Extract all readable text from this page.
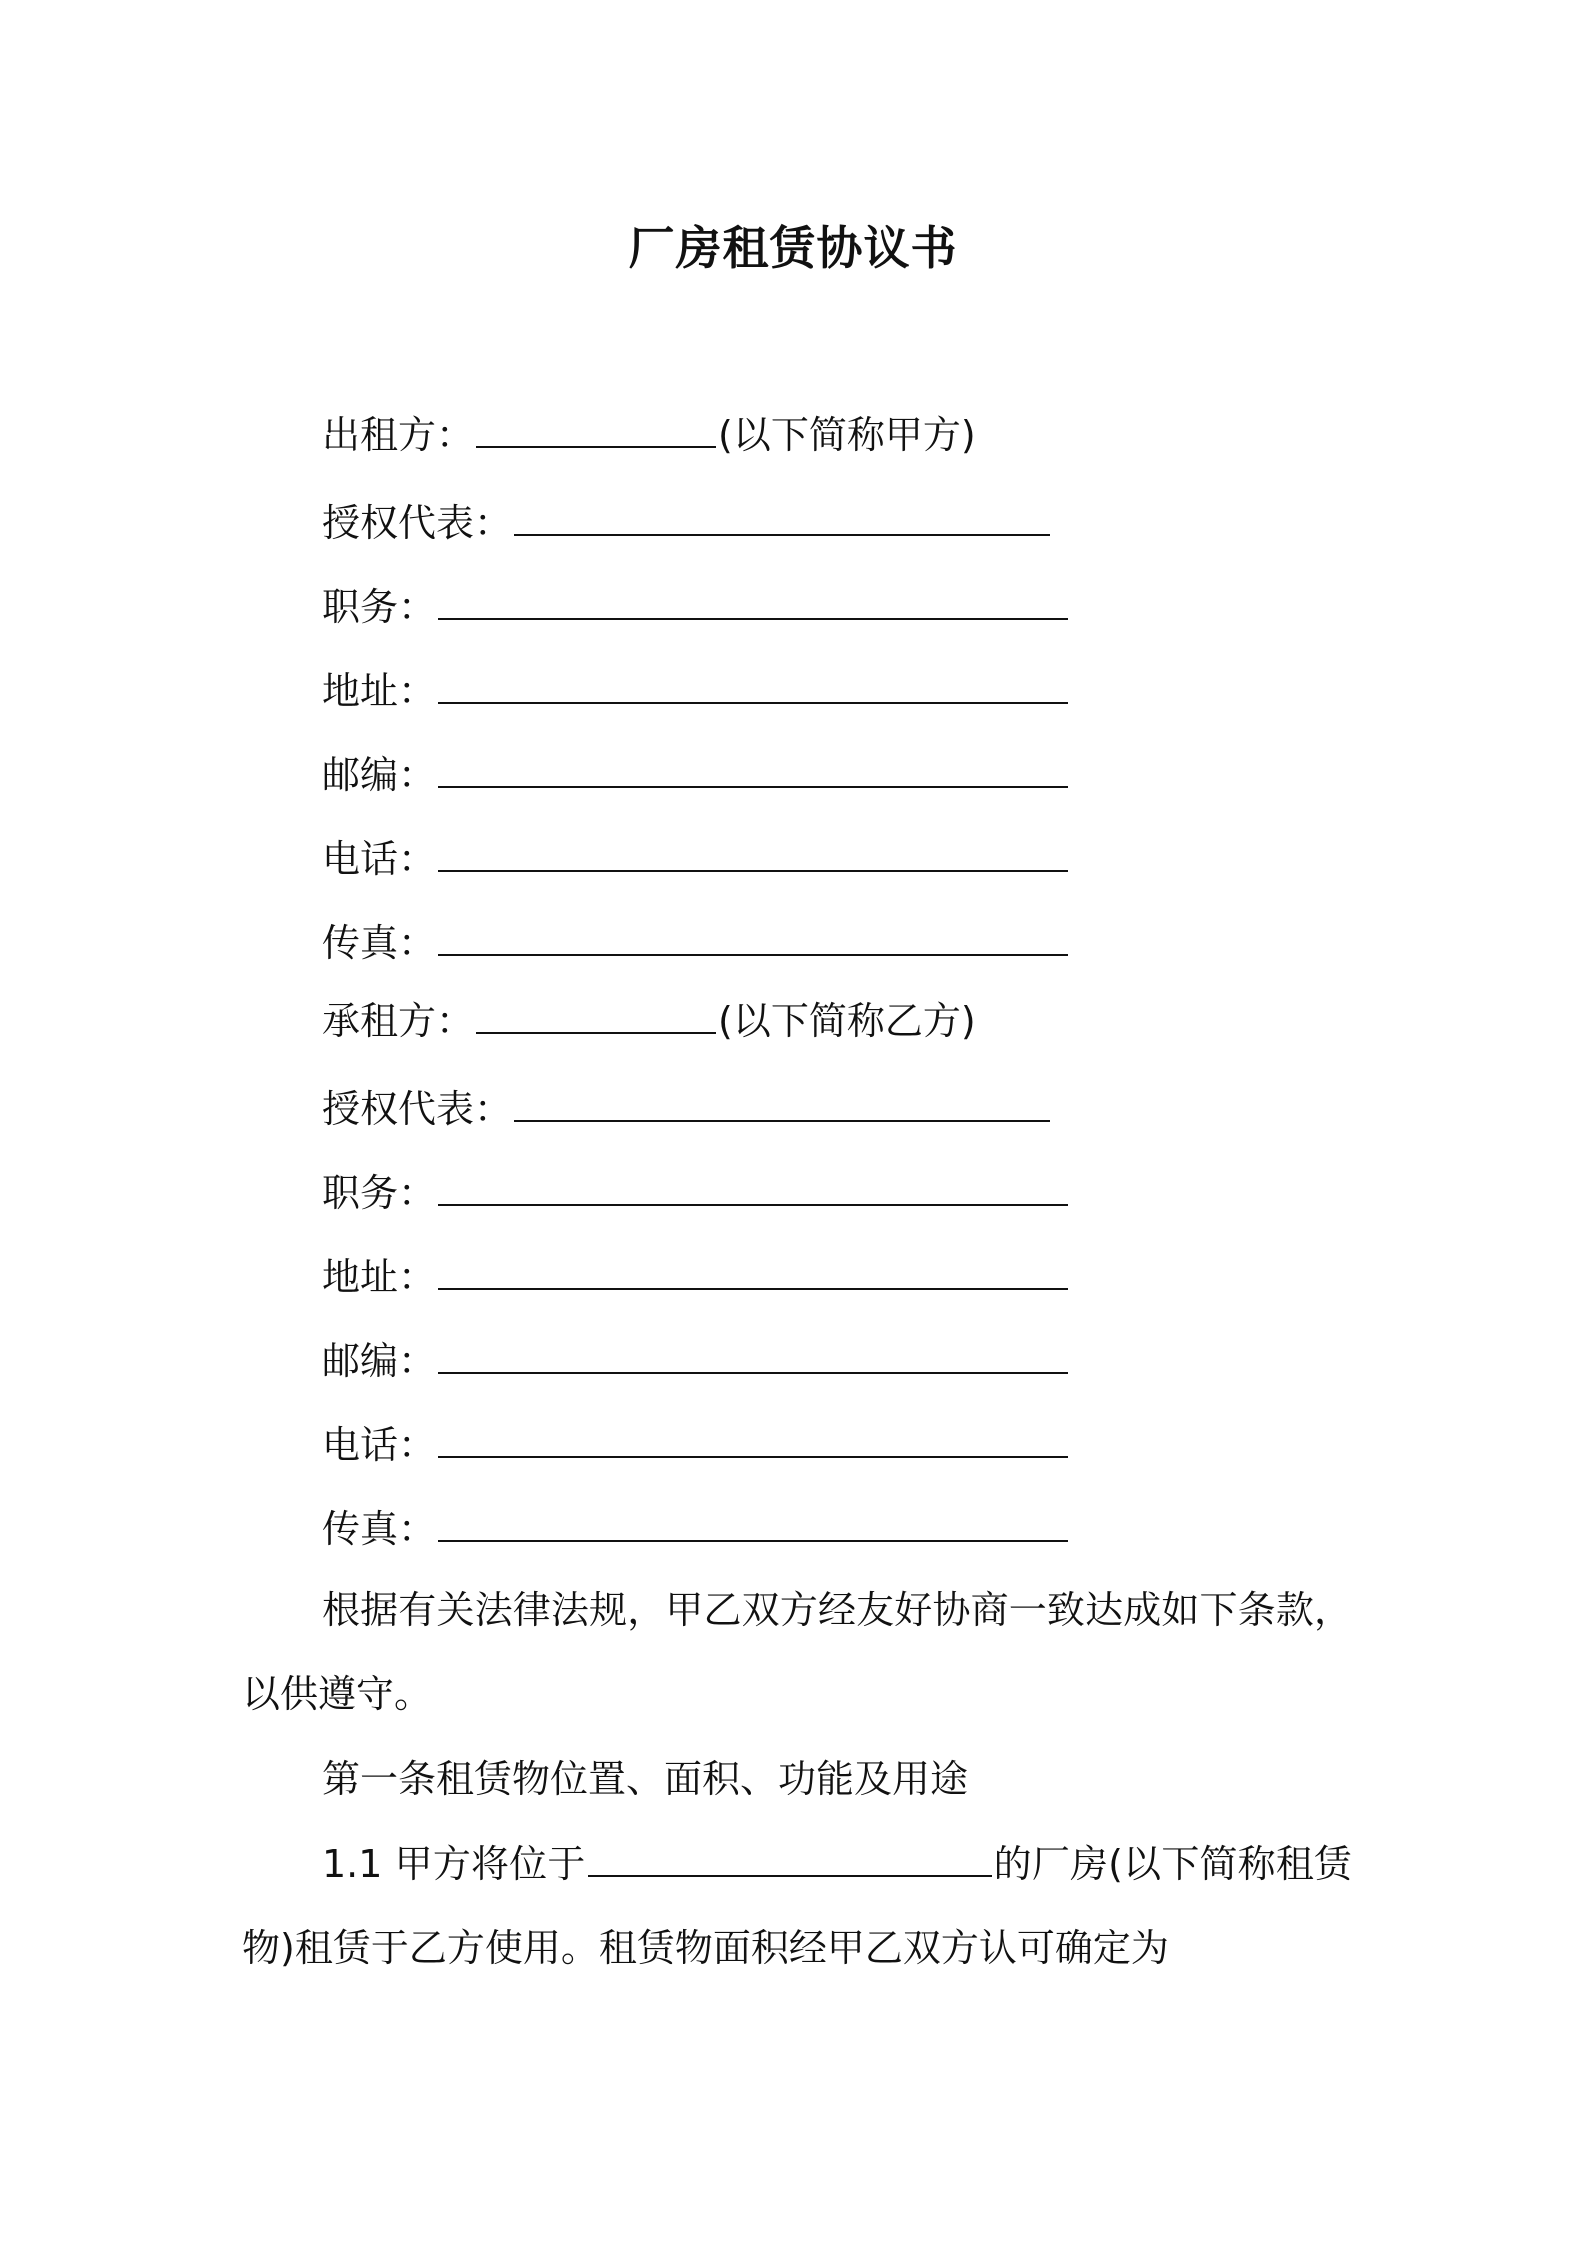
厂房租赁协议书
出租方：	(以下简称甲方)
授权代表：
职务：
地址：
邮编：
电话：
传真：
承租方：	(以下简称乙方)
授权代表：
职务：
地址：
邮编：
电话：
传真：
根据有关法律法规，甲乙双方经友好协商一致达成如下条款，以供遵守。
第一条租赁物位置、面积、功能及用途
1.1 甲方将位于	的厂房(以下简称租赁物)租赁于乙方使用。租赁物面积经甲乙双方认可确定为
